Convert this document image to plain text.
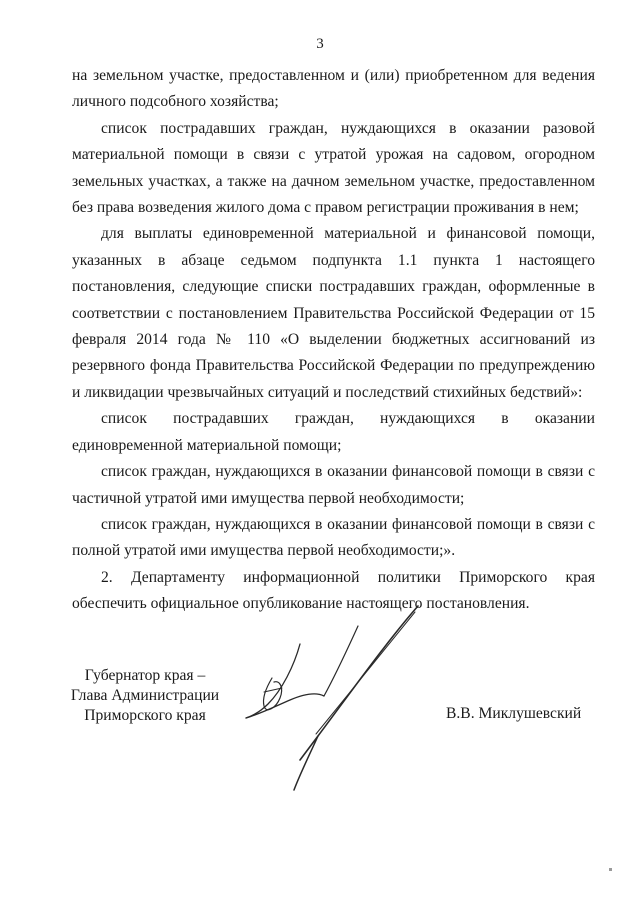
3

на земельном участке, предоставленном и (или) приобретенном для ведения личного подсобного хозяйства;

список пострадавших граждан, нуждающихся в оказании разовой материальной помощи в связи с утратой урожая на садовом, огородном земельных участках, а также на дачном земельном участке, предоставленном без права возведения жилого дома с правом регистрации проживания в нем;

для выплаты единовременной материальной и финансовой помощи, указанных в абзаце седьмом подпункта 1.1 пункта 1 настоящего постановления, следующие списки пострадавших граждан, оформленные в соответствии с постановлением Правительства Российской Федерации от 15 февраля 2014 года № 110 «О выделении бюджетных ассигнований из резервного фонда Правительства Российской Федерации по предупреждению и ликвидации чрезвычайных ситуаций и последствий стихийных бедствий»:

список пострадавших граждан, нуждающихся в оказании единовременной материальной помощи;

список граждан, нуждающихся в оказании финансовой помощи в связи с частичной утратой ими имущества первой необходимости;

список граждан, нуждающихся в оказании финансовой помощи в связи с полной утратой ими имущества первой необходимости;».

2. Департаменту информационной политики Приморского края обеспечить официальное опубликование настоящего постановления.

Губернатор края –
Глава Администрации
Приморского края	В.В. Миклушевский
